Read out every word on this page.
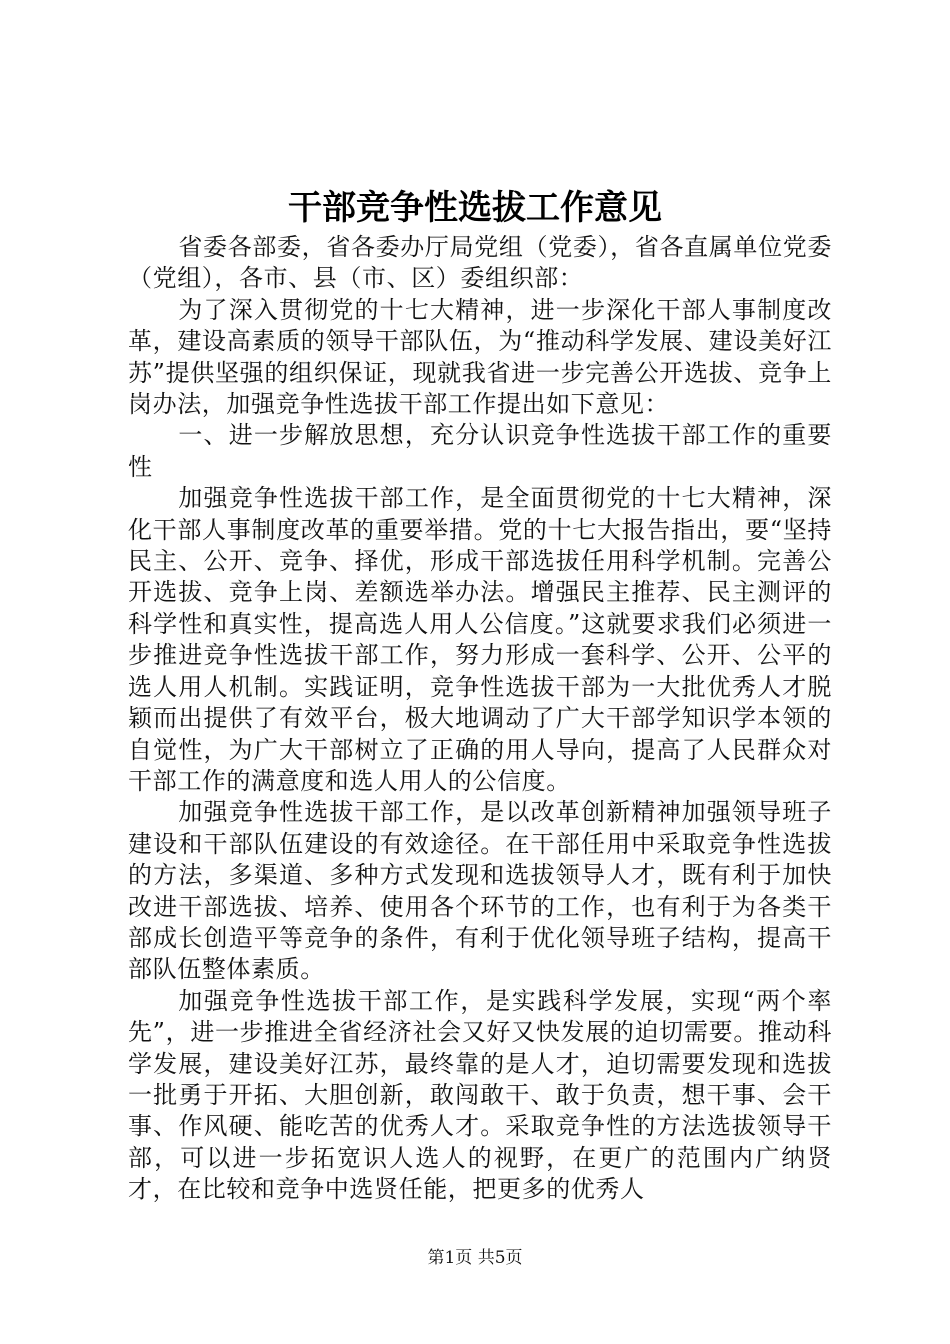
干部竞争性选拔工作意见

省委各部委，省各委办厅局党组（党委），省各直属单位党委（党组），各市、县（市、区）委组织部：

为了深入贯彻党的十七大精神，进一步深化干部人事制度改革，建设高素质的领导干部队伍，为“推动科学发展、建设美好江苏”提供坚强的组织保证，现就我省进一步完善公开选拔、竞争上岗办法，加强竞争性选拔干部工作提出如下意见：

一、进一步解放思想，充分认识竞争性选拔干部工作的重要性

加强竞争性选拔干部工作，是全面贯彻党的十七大精神，深化干部人事制度改革的重要举措。党的十七大报告指出，要“坚持民主、公开、竞争、择优，形成干部选拔任用科学机制。完善公开选拔、竞争上岗、差额选举办法。增强民主推荐、民主测评的科学性和真实性，提高选人用人公信度。”这就要求我们必须进一步推进竞争性选拔干部工作，努力形成一套科学、公开、公平的选人用人机制。实践证明，竞争性选拔干部为一大批优秀人才脱颖而出提供了有效平台，极大地调动了广大干部学知识学本领的自觉性，为广大干部树立了正确的用人导向，提高了人民群众对干部工作的满意度和选人用人的公信度。

加强竞争性选拔干部工作，是以改革创新精神加强领导班子建设和干部队伍建设的有效途径。在干部任用中采取竞争性选拔的方法，多渠道、多种方式发现和选拔领导人才，既有利于加快改进干部选拔、培养、使用各个环节的工作，也有利于为各类干部成长创造平等竞争的条件，有利于优化领导班子结构，提高干部队伍整体素质。

加强竞争性选拔干部工作，是实践科学发展，实现“两个率先”，进一步推进全省经济社会又好又快发展的迫切需要。推动科学发展，建设美好江苏，最终靠的是人才，迫切需要发现和选拔一批勇于开拓、大胆创新，敢闯敢干、敢于负责，想干事、会干事、作风硬、能吃苦的优秀人才。采取竞争性的方法选拔领导干部，可以进一步拓宽识人选人的视野，在更广的范围内广纳贤才，在比较和竞争中选贤任能，把更多的优秀人

第1页 共5页
